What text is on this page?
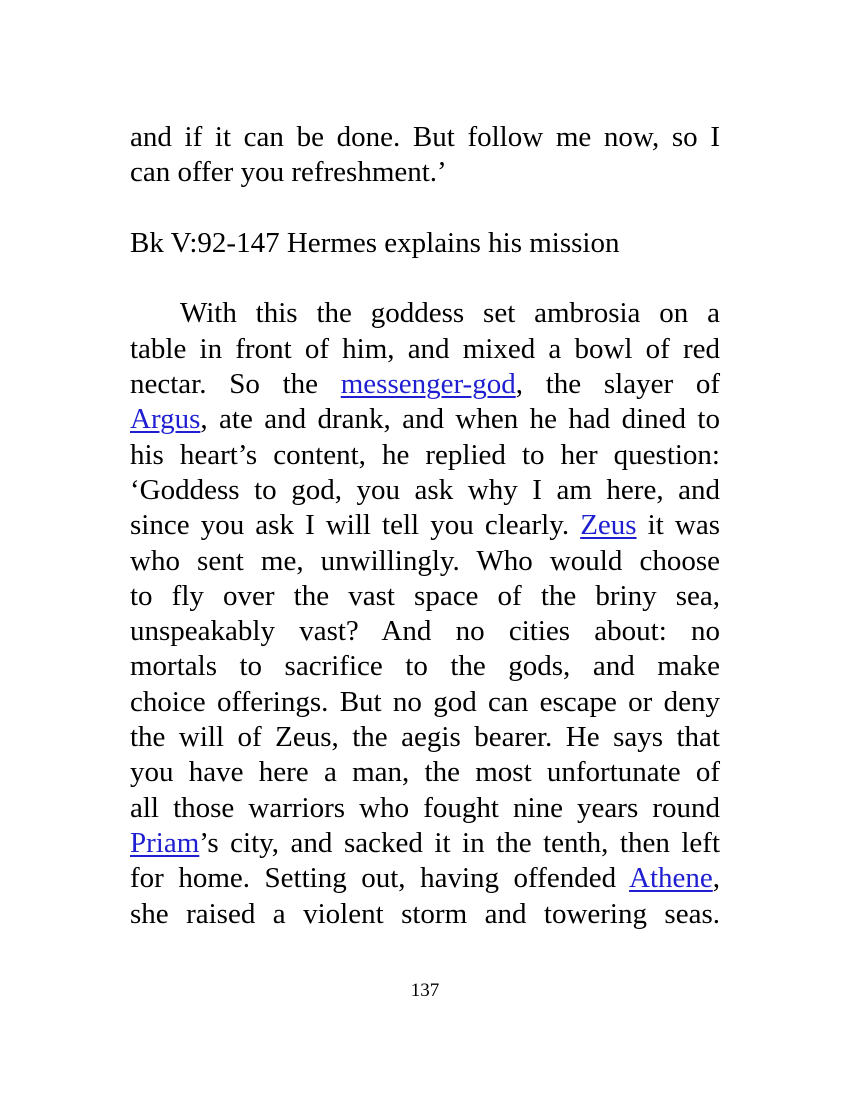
and if it can be done. But follow me now, so I
can offer you refreshment.’
Bk V:92-147 Hermes explains his mission
With this the goddess set ambrosia on a
table in front of him, and mixed a bowl of red
nectar. So the messenger-god, the slayer of
Argus, ate and drank, and when he had dined to
his heart’s content, he replied to her question:
‘Goddess to god, you ask why I am here, and
since you ask I will tell you clearly. Zeus it was
who sent me, unwillingly. Who would choose
to fly over the vast space of the briny sea,
unspeakably vast? And no cities about: no
mortals to sacrifice to the gods, and make
choice offerings. But no god can escape or deny
the will of Zeus, the aegis bearer. He says that
you have here a man, the most unfortunate of
all those warriors who fought nine years round
Priam’s city, and sacked it in the tenth, then left
for home. Setting out, having offended Athene,
she raised a violent storm and towering seas.
137
